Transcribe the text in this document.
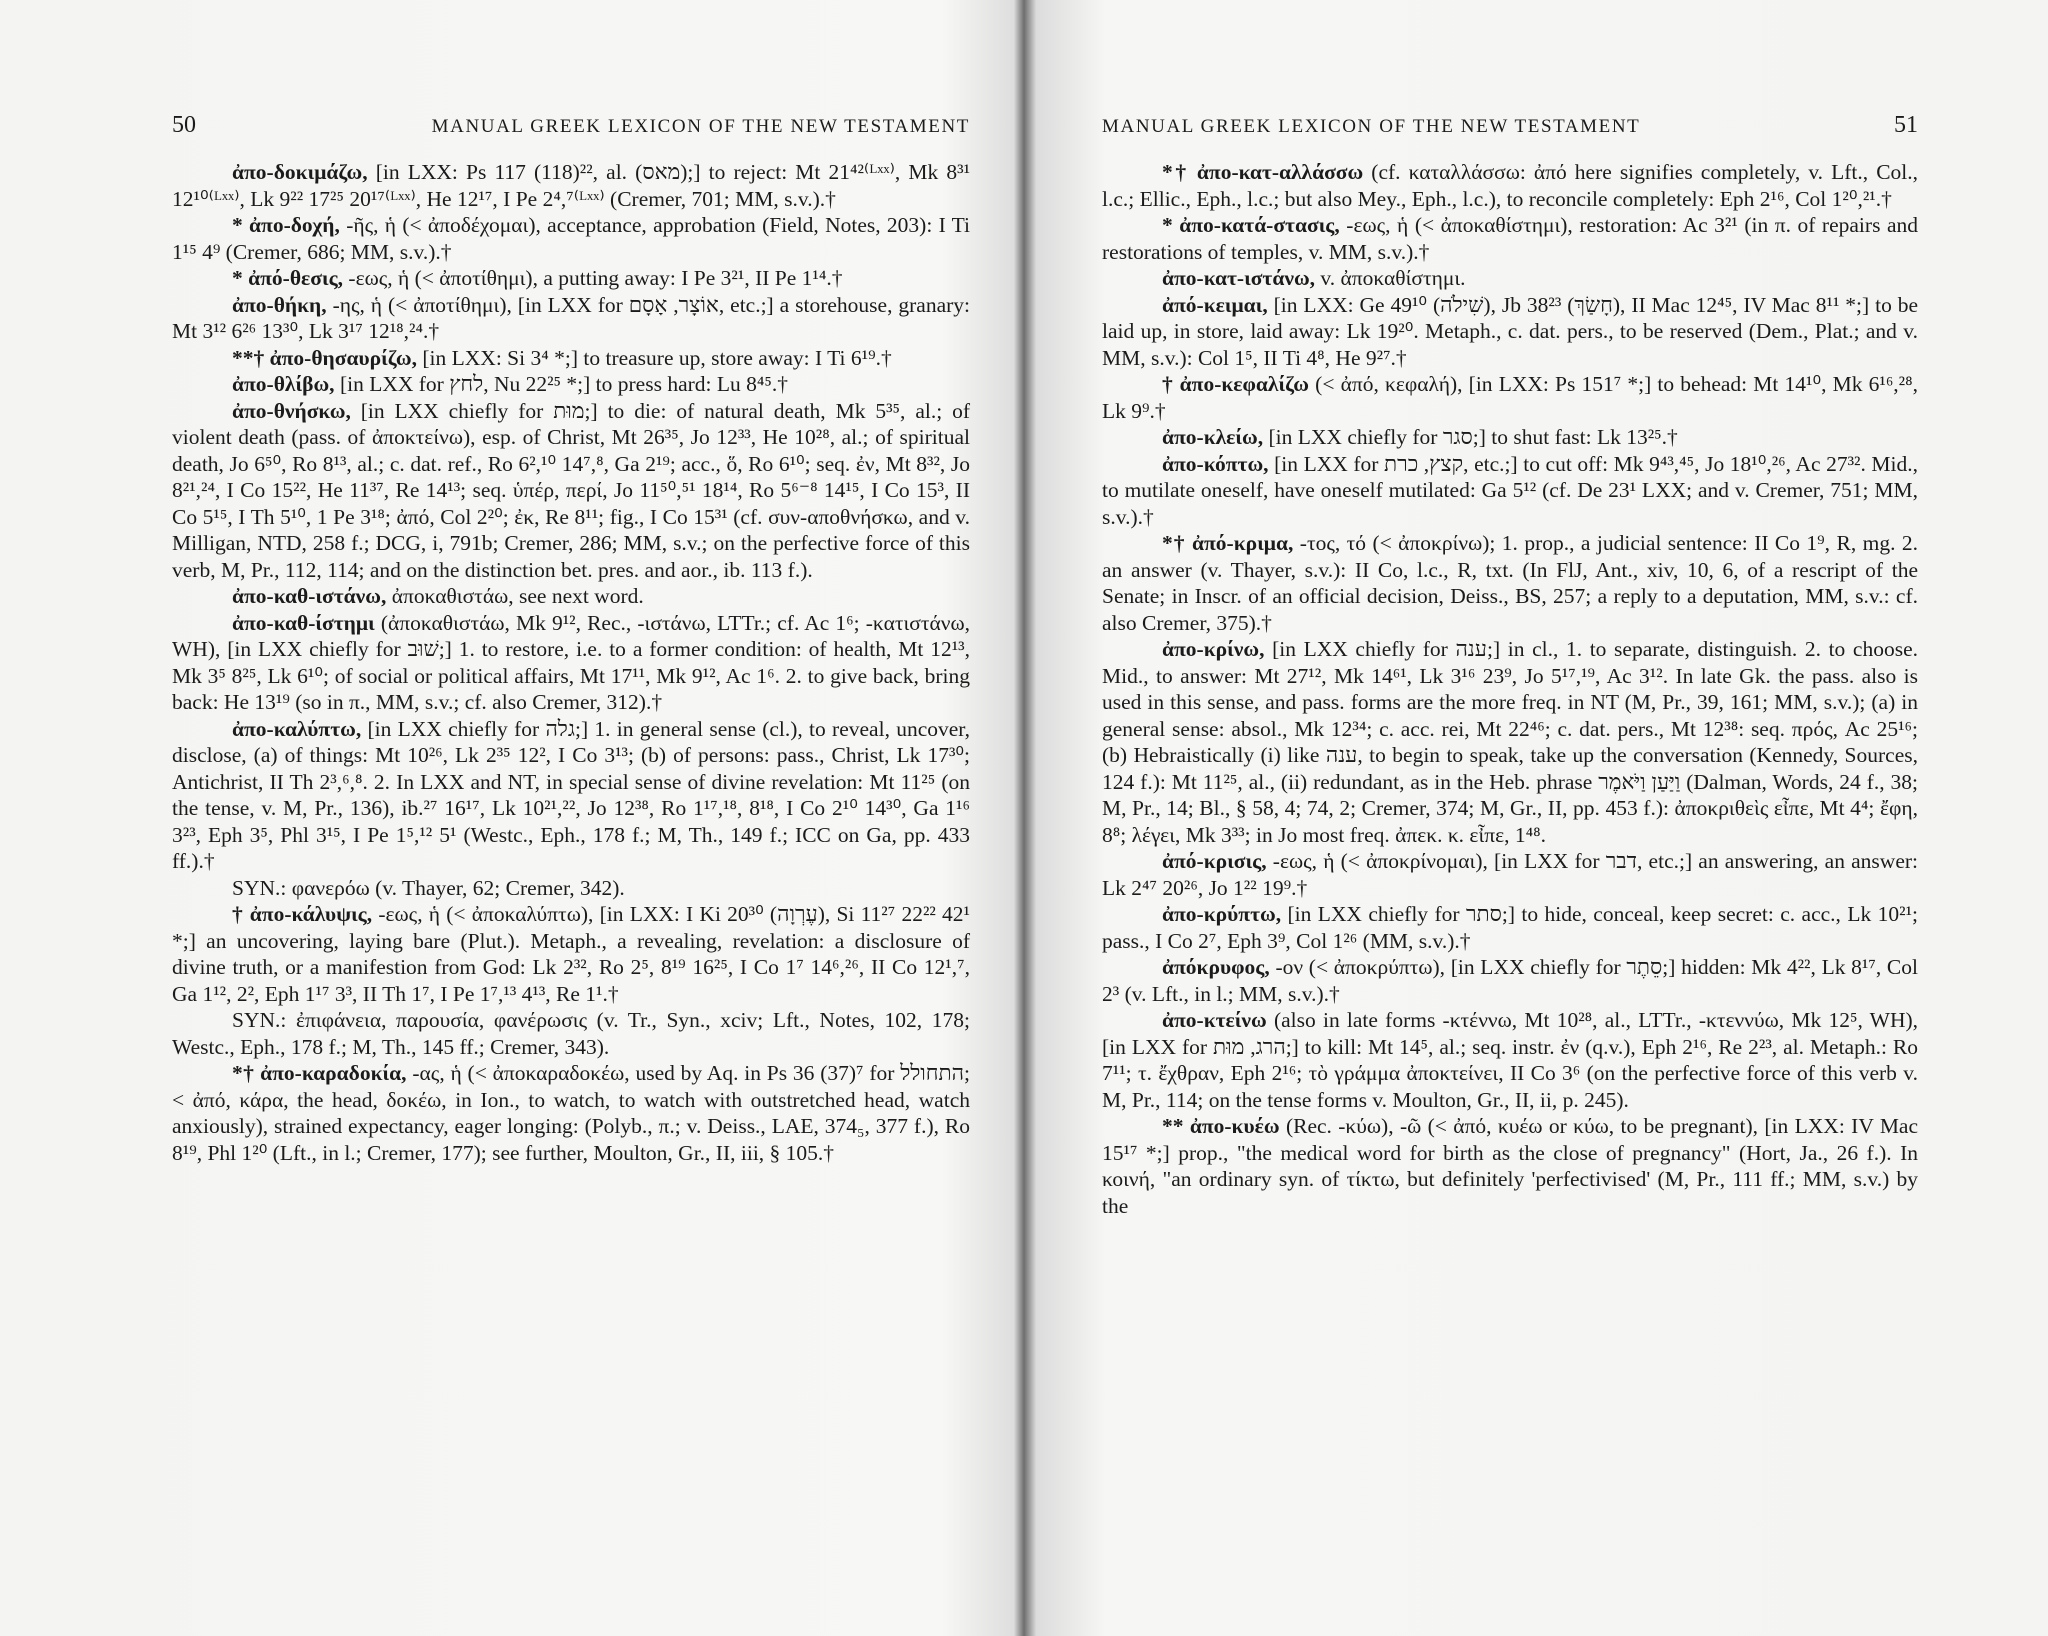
50	MANUAL GREEK LEXICON OF THE NEW TESTAMENT

ἀπο-δοκιμάζω, [in LXX: Ps 117 (118)²², al. (מאס);] to reject: Mt 21⁴²⁽ᴸˣˣ⁾, Mk 8³¹ 12¹⁰⁽ᴸˣˣ⁾, Lk 9²² 17²⁵ 20¹⁷⁽ᴸˣˣ⁾, He 12¹⁷, I Pe 2⁴,⁷⁽ᴸˣˣ⁾ (Cremer, 701; MM, s.v.).†

* ἀπο-δοχή, -ῆς, ἡ (< ἀποδέχομαι), acceptance, approbation (Field, Notes, 203): I Ti 1¹⁵ 4⁹ (Cremer, 686; MM, s.v.).†

* ἀπό-θεσις, -εως, ἡ (< ἀποτίθημι), a putting away: I Pe 3²¹, II Pe 1¹⁴.†

ἀπο-θήκη, -ης, ἡ (< ἀποτίθημι), [in LXX for אוֹצָר, אָסָם, etc.;] a storehouse, granary: Mt 3¹² 6²⁶ 13³⁰, Lk 3¹⁷ 12¹⁸,²⁴.†

**† ἀπο-θησαυρίζω, [in LXX: Si 3⁴ *;] to treasure up, store away: I Ti 6¹⁹.†

ἀπο-θλίβω, [in LXX for לחץ, Nu 22²⁵ *;] to press hard: Lu 8⁴⁵.†

ἀπο-θνήσκω, [in LXX chiefly for מוּת;] to die: of natural death, Mk 5³⁵, al.; of violent death (pass. of ἀποκτείνω), esp. of Christ, Mt 26³⁵, Jo 12³³, He 10²⁸, al.; of spiritual death, Jo 6⁵⁰, Ro 8¹³, al.; c. dat. ref., Ro 6²,¹⁰ 14⁷,⁸, Ga 2¹⁹; acc., ὅ, Ro 6¹⁰; seq. ἐν, Mt 8³², Jo 8²¹,²⁴, I Co 15²², He 11³⁷, Re 14¹³; seq. ὑπέρ, περί, Jo 11⁵⁰,⁵¹ 18¹⁴, Ro 5⁶⁻⁸ 14¹⁵, I Co 15³, II Co 5¹⁵, I Th 5¹⁰, 1 Pe 3¹⁸; ἀπό, Col 2²⁰; ἐκ, Re 8¹¹; fig., I Co 15³¹ (cf. συν-αποθνήσκω, and v. Milligan, NTD, 258 f.; DCG, i, 791b; Cremer, 286; MM, s.v.; on the perfective force of this verb, M, Pr., 112, 114; and on the distinction bet. pres. and aor., ib. 113 f.).

ἀπο-καθ-ιστάνω, ἀποκαθιστάω, see next word.

ἀπο-καθ-ίστημι (ἀποκαθιστάω, Mk 9¹², Rec., -ιστάνω, LTTr.; cf. Ac 1⁶; -κατιστάνω, WH), [in LXX chiefly for שׁוּב;] 1. to restore, i.e. to a former condition: of health, Mt 12¹³, Mk 3⁵ 8²⁵, Lk 6¹⁰; of social or political affairs, Mt 17¹¹, Mk 9¹², Ac 1⁶. 2. to give back, bring back: He 13¹⁹ (so in π., MM, s.v.; cf. also Cremer, 312).†

ἀπο-καλύπτω, [in LXX chiefly for גלה;] 1. in general sense (cl.), to reveal, uncover, disclose, (a) of things: Mt 10²⁶, Lk 2³⁵ 12², I Co 3¹³; (b) of persons: pass., Christ, Lk 17³⁰; Antichrist, II Th 2³,⁶,⁸. 2. In LXX and NT, in special sense of divine revelation: Mt 11²⁵ (on the tense, v. M, Pr., 136), ib.²⁷ 16¹⁷, Lk 10²¹,²², Jo 12³⁸, Ro 1¹⁷,¹⁸, 8¹⁸, I Co 2¹⁰ 14³⁰, Ga 1¹⁶ 3²³, Eph 3⁵, Phl 3¹⁵, I Pe 1⁵,¹² 5¹ (Westc., Eph., 178 f.; M, Th., 149 f.; ICC on Ga, pp. 433 ff.).†

SYN.: φανερόω (v. Thayer, 62; Cremer, 342).

† ἀπο-κάλυψις, -εως, ἡ (< ἀποκαλύπτω), [in LXX: I Ki 20³⁰ (עֶרְוָה), Si 11²⁷ 22²² 42¹ *;] an uncovering, laying bare (Plut.). Metaph., a revealing, revelation: a disclosure of divine truth, or a manifestion from God: Lk 2³², Ro 2⁵, 8¹⁹ 16²⁵, I Co 1⁷ 14⁶,²⁶, II Co 12¹,⁷, Ga 1¹², 2², Eph 1¹⁷ 3³, II Th 1⁷, I Pe 1⁷,¹³ 4¹³, Re 1¹.†

SYN.: ἐπιφάνεια, παρουσία, φανέρωσις (v. Tr., Syn., xciv; Lft., Notes, 102, 178; Westc., Eph., 178 f.; M, Th., 145 ff.; Cremer, 343).

*† ἀπο-καραδοκία, -ας, ἡ (< ἀποκαραδοκέω, used by Aq. in Ps 36 (37)⁷ for התחולל; < ἀπό, κάρα, the head, δοκέω, in Ion., to watch, to watch with outstretched head, watch anxiously), strained expectancy, eager longing: (Polyb., π.; v. Deiss., LAE, 374₅, 377 f.), Ro 8¹⁹, Phl 1²⁰ (Lft., in l.; Cremer, 177); see further, Moulton, Gr., II, iii, § 105.†

MANUAL GREEK LEXICON OF THE NEW TESTAMENT	51

*† ἀπο-κατ-αλλάσσω (cf. καταλλάσσω: ἀπό here signifies completely, v. Lft., Col., l.c.; Ellic., Eph., l.c.; but also Mey., Eph., l.c.), to reconcile completely: Eph 2¹⁶, Col 1²⁰,²¹.†

* ἀπο-κατά-στασις, -εως, ἡ (< ἀποκαθίστημι), restoration: Ac 3²¹ (in π. of repairs and restorations of temples, v. MM, s.v.).†

ἀπο-κατ-ιστάνω, v. ἀποκαθίστημι.

ἀπό-κειμαι, [in LXX: Ge 49¹⁰ (שִׁילֹה), Jb 38²³ (חָשַׂךְ), II Mac 12⁴⁵, IV Mac 8¹¹ *;] to be laid up, in store, laid away: Lk 19²⁰. Metaph., c. dat. pers., to be reserved (Dem., Plat.; and v. MM, s.v.): Col 1⁵, II Ti 4⁸, He 9²⁷.†

† ἀπο-κεφαλίζω (< ἀπό, κεφαλή), [in LXX: Ps 151⁷ *;] to behead: Mt 14¹⁰, Mk 6¹⁶,²⁸, Lk 9⁹.†

ἀπο-κλείω, [in LXX chiefly for סגר;] to shut fast: Lk 13²⁵.†

ἀπο-κόπτω, [in LXX for קצץ, כרת, etc.;] to cut off: Mk 9⁴³,⁴⁵, Jo 18¹⁰,²⁶, Ac 27³². Mid., to mutilate oneself, have oneself mutilated: Ga 5¹² (cf. De 23¹ LXX; and v. Cremer, 751; MM, s.v.).†

*† ἀπό-κριμα, -τος, τό (< ἀποκρίνω); 1. prop., a judicial sentence: II Co 1⁹, R, mg. 2. an answer (v. Thayer, s.v.): II Co, l.c., R, txt. (In FlJ, Ant., xiv, 10, 6, of a rescript of the Senate; in Inscr. of an official decision, Deiss., BS, 257; a reply to a deputation, MM, s.v.: cf. also Cremer, 375).†

ἀπο-κρίνω, [in LXX chiefly for ענה;] in cl., 1. to separate, distinguish. 2. to choose. Mid., to answer: Mt 27¹², Mk 14⁶¹, Lk 3¹⁶ 23⁹, Jo 5¹⁷,¹⁹, Ac 3¹². In late Gk. the pass. also is used in this sense, and pass. forms are the more freq. in NT (M, Pr., 39, 161; MM, s.v.); (a) in general sense: absol., Mk 12³⁴; c. acc. rei, Mt 22⁴⁶; c. dat. pers., Mt 12³⁸: seq. πρός, Ac 25¹⁶; (b) Hebraistically (i) like ענה, to begin to speak, take up the conversation (Kennedy, Sources, 124 f.): Mt 11²⁵, al., (ii) redundant, as in the Heb. phrase וַיַּעַן וַיֹּאמֶר (Dalman, Words, 24 f., 38; M, Pr., 14; Bl., § 58, 4; 74, 2; Cremer, 374; M, Gr., II, pp. 453 f.): ἀποκριθεὶς εἶπε, Mt 4⁴; ἔφη, 8⁸; λέγει, Mk 3³³; in Jo most freq. ἀπεκ. κ. εἶπε, 1⁴⁸.

ἀπό-κρισις, -εως, ἡ (< ἀποκρίνομαι), [in LXX for דבר, etc.;] an answering, an answer: Lk 2⁴⁷ 20²⁶, Jo 1²² 19⁹.†

ἀπο-κρύπτω, [in LXX chiefly for סתר;] to hide, conceal, keep secret: c. acc., Lk 10²¹; pass., I Co 2⁷, Eph 3⁹, Col 1²⁶ (MM, s.v.).†

ἀπόκρυφος, -ον (< ἀποκρύπτω), [in LXX chiefly for סֵתֶר;] hidden: Mk 4²², Lk 8¹⁷, Col 2³ (v. Lft., in l.; MM, s.v.).†

ἀπο-κτείνω (also in late forms -κτέννω, Mt 10²⁸, al., LTTr., -κτεννύω, Mk 12⁵, WH), [in LXX for הרג, מוּת;] to kill: Mt 14⁵, al.; seq. instr. ἐν (q.v.), Eph 2¹⁶, Re 2²³, al. Metaph.: Ro 7¹¹; τ. ἔχθραν, Eph 2¹⁶; τὸ γράμμα ἀποκτείνει, II Co 3⁶ (on the perfective force of this verb v. M, Pr., 114; on the tense forms v. Moulton, Gr., II, ii, p. 245).

** ἀπο-κυέω (Rec. -κύω), -ῶ (< ἀπό, κυέω or κύω, to be pregnant), [in LXX: IV Mac 15¹⁷ *;] prop., "the medical word for birth as the close of pregnancy" (Hort, Ja., 26 f.). In κοινή, "an ordinary syn. of τίκτω, but definitely 'perfectivised' (M, Pr., 111 ff.; MM, s.v.) by the
